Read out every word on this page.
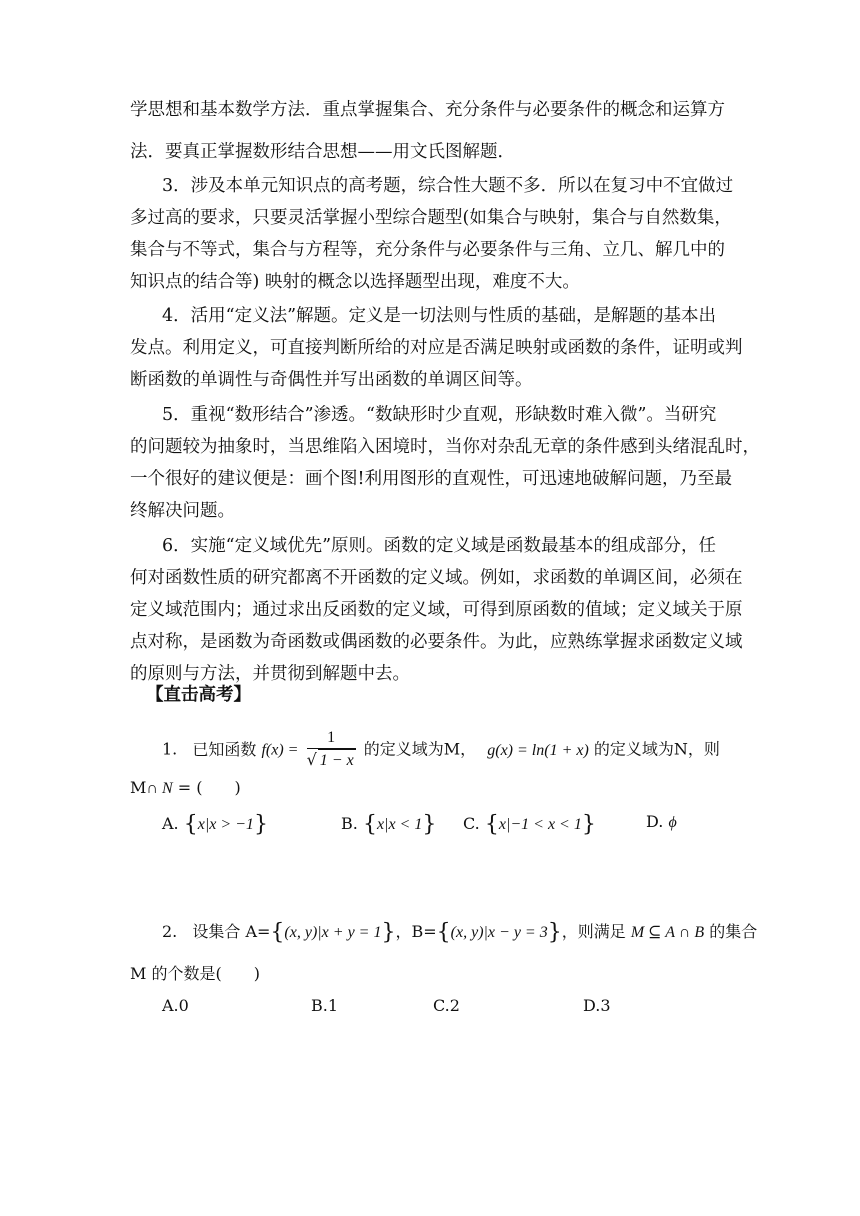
学思想和基本数学方法．重点掌握集合、充分条件与必要条件的概念和运算方
法．要真正掌握数形结合思想——用文氏图解题．
3．涉及本单元知识点的高考题，综合性大题不多．所以在复习中不宜做过
多过高的要求，只要灵活掌握小型综合题型(如集合与映射，集合与自然数集，
集合与不等式，集合与方程等，充分条件与必要条件与三角、立几、解几中的
知识点的结合等) 映射的概念以选择题型出现，难度不大。
4．活用“定义法”解题。定义是一切法则与性质的基础，是解题的基本出
发点。利用定义，可直接判断所给的对应是否满足映射或函数的条件，证明或判
断函数的单调性与奇偶性并写出函数的单调区间等。
5．重视“数形结合”渗透。“数缺形时少直观，形缺数时难入微”。当研究
的问题较为抽象时，当思维陷入困境时，当你对杂乱无章的条件感到头绪混乱时，
一个很好的建议便是：画个图!利用图形的直观性，可迅速地破解问题，乃至最
终解决问题。
6．实施“定义域优先”原则。函数的定义域是函数最基本的组成部分，任
何对函数性质的研究都离不开函数的定义域。例如，求函数的单调区间，必须在
定义域范围内；通过求出反函数的定义域，可得到原函数的值域；定义域关于原
点对称，是函数为奇函数或偶函数的必要条件。为此，应熟练掌握求函数定义域
的原则与方法，并贯彻到解题中去。
【直击高考】
1. 已知函数 $f(x) = \frac{1}{√ 1 - x}$ 的定义域为M， g(x) = ln(1 + x) 的定义域为N，则
M∩ N = (　　)
A. {x|x > −1}	B. {x|x < 1} C. {x|−1 < x < 1}	D. ϕ
2. 设集合 A={(x, y)|x + y = 1}，B={(x, y)|x − y = 3}，则满足 M ⊆ A ∩ B 的集合
M 的个数是(　　)
A.0	B.1	C.2	D.3
